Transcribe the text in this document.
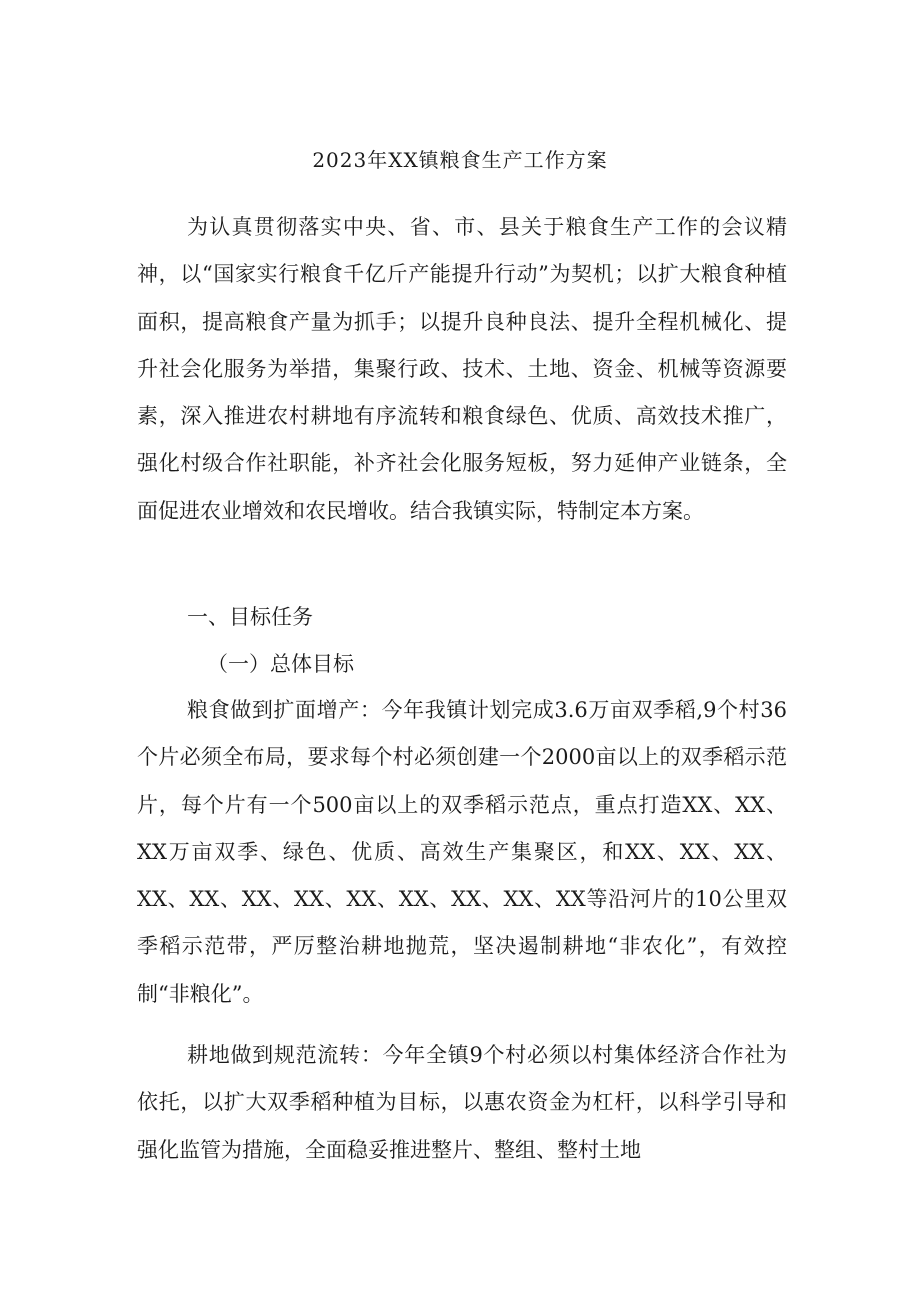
2023年XX镇粮食生产工作方案

为认真贯彻落实中央、省、市、县关于粮食生产工作的会议精神，以“国家实行粮食千亿斤产能提升行动”为契机；以扩大粮食种植面积，提高粮食产量为抓手；以提升良种良法、提升全程机械化、提升社会化服务为举措，集聚行政、技术、土地、资金、机械等资源要素，深入推进农村耕地有序流转和粮食绿色、优质、高效技术推广，强化村级合作社职能，补齐社会化服务短板，努力延伸产业链条，全面促进农业增效和农民增收。结合我镇实际，特制定本方案。

一、目标任务

（一）总体目标

粮食做到扩面增产：今年我镇计划完成3.6万亩双季稻,9个村36个片必须全布局，要求每个村必须创建一个2000亩以上的双季稻示范片，每个片有一个500亩以上的双季稻示范点，重点打造XX、XX、XX万亩双季、绿色、优质、高效生产集聚区，和XX、XX、XX、XX、XX、XX、XX、XX、XX、XX、XX、XX等沿河片的10公里双季稻示范带，严厉整治耕地抛荒，坚决遏制耕地“非农化”，有效控制“非粮化”。

耕地做到规范流转：今年全镇9个村必须以村集体经济合作社为依托，以扩大双季稻种植为目标，以惠农资金为杠杆，以科学引导和强化监管为措施，全面稳妥推进整片、整组、整村土地
